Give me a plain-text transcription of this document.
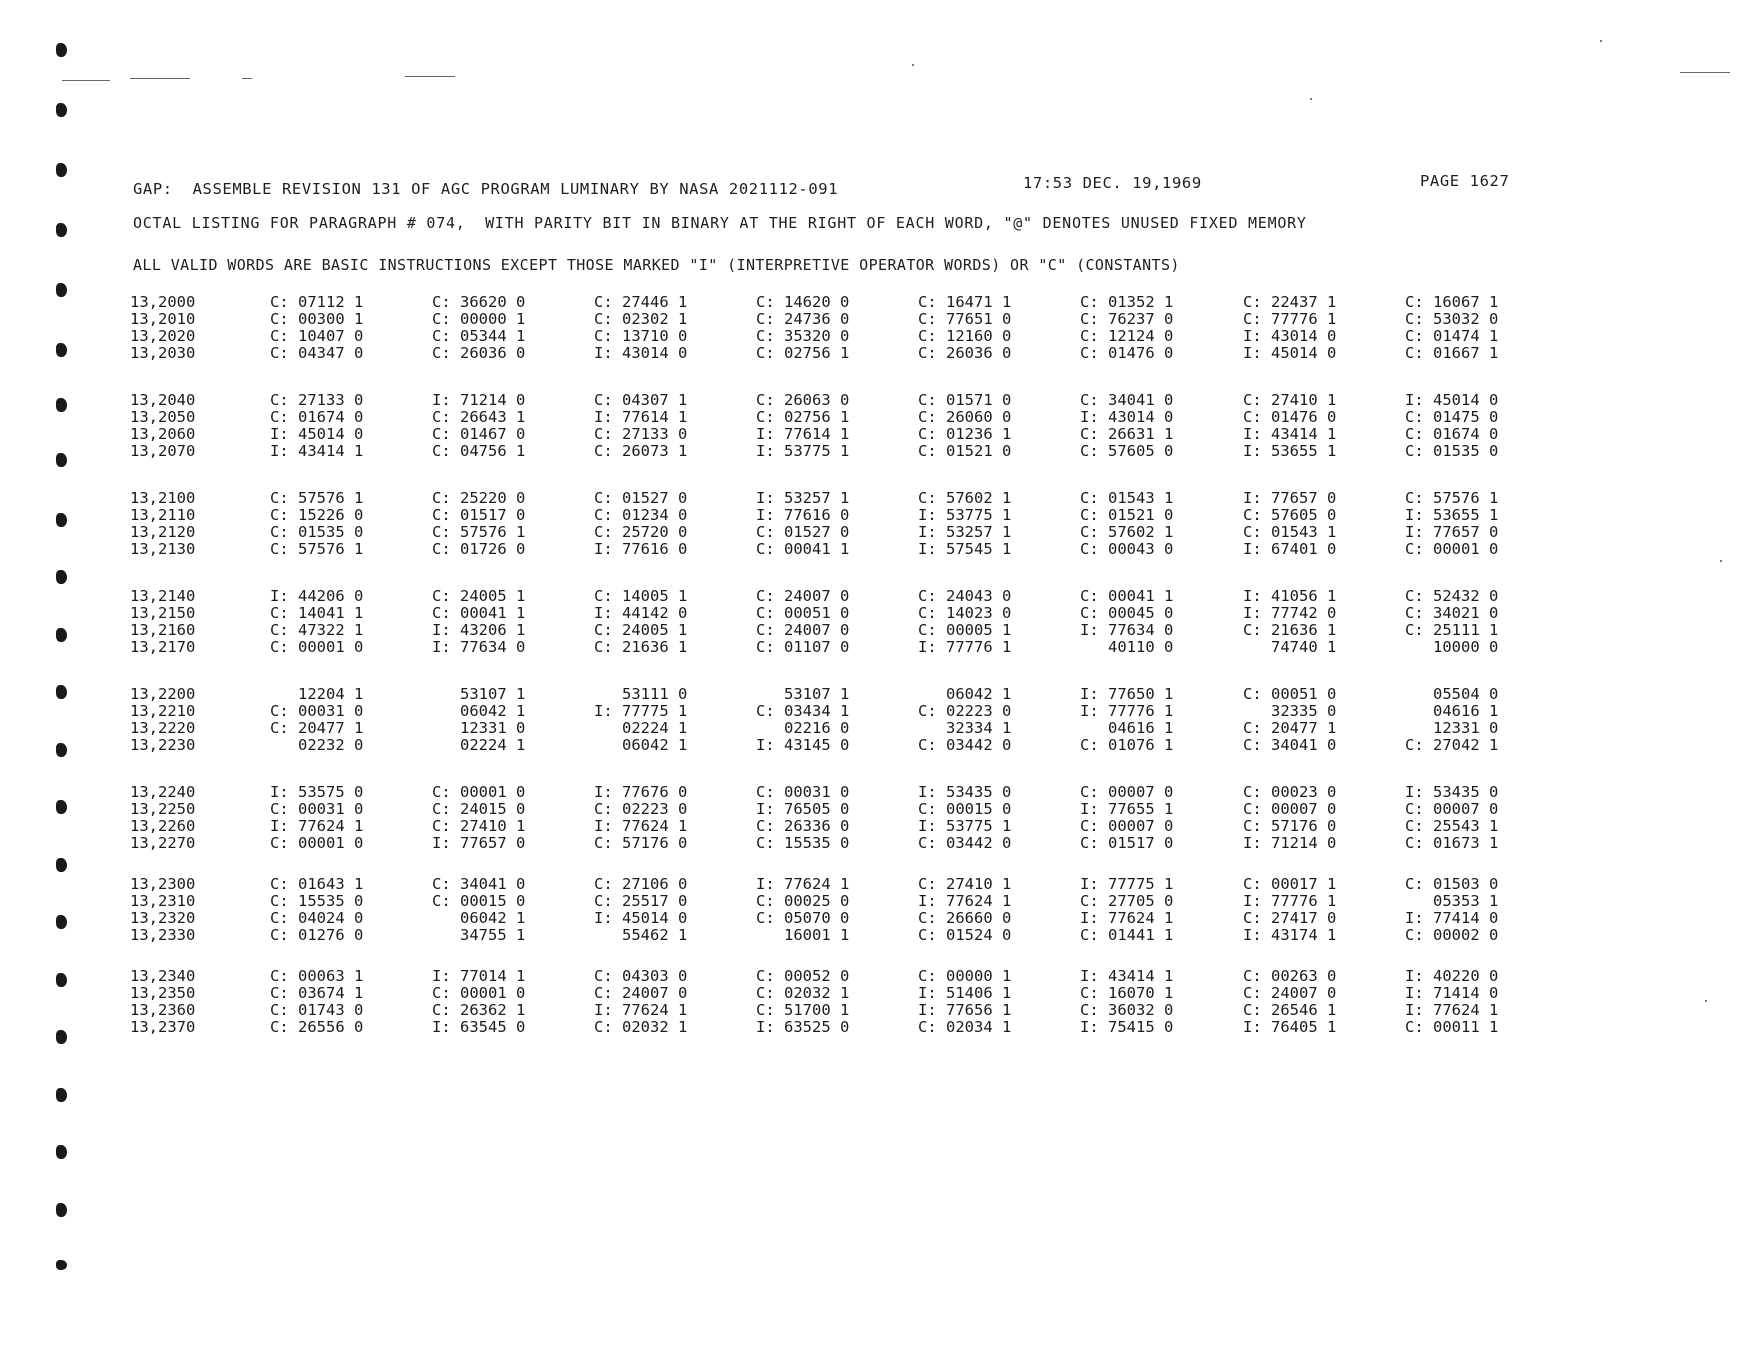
GAP:  ASSEMBLE REVISION 131 OF AGC PROGRAM LUMINARY BY NASA 2021112-091	17:53 DEC. 19,1969	PAGE 1627
OCTAL LISTING FOR PARAGRAPH # 074,  WITH PARITY BIT IN BINARY AT THE RIGHT OF EACH WORD, "@" DENOTES UNUSED FIXED MEMORY
ALL VALID WORDS ARE BASIC INSTRUCTIONS EXCEPT THOSE MARKED "I" (INTERPRETIVE OPERATOR WORDS) OR "C" (CONSTANTS)
13,2000	C: 07112 1	C: 36620 0	C: 27446 1	C: 14620 0	C: 16471 1	C: 01352 1	C: 22437 1	C: 16067 1
13,2010	C: 00300 1	C: 00000 1	C: 02302 1	C: 24736 0	C: 77651 0	C: 76237 0	C: 77776 1	C: 53032 0
13,2020	C: 10407 0	C: 05344 1	C: 13710 0	C: 35320 0	C: 12160 0	C: 12124 0	I: 43014 0	C: 01474 1
13,2030	C: 04347 0	C: 26036 0	I: 43014 0	C: 02756 1	C: 26036 0	C: 01476 0	I: 45014 0	C: 01667 1
13,2040	C: 27133 0	I: 71214 0	C: 04307 1	C: 26063 0	C: 01571 0	C: 34041 0	C: 27410 1	I: 45014 0
13,2050	C: 01674 0	C: 26643 1	I: 77614 1	C: 02756 1	C: 26060 0	I: 43014 0	C: 01476 0	C: 01475 0
13,2060	I: 45014 0	C: 01467 0	C: 27133 0	I: 77614 1	C: 01236 1	C: 26631 1	I: 43414 1	C: 01674 0
13,2070	I: 43414 1	C: 04756 1	C: 26073 1	I: 53775 1	C: 01521 0	C: 57605 0	I: 53655 1	C: 01535 0
13,2100	C: 57576 1	C: 25220 0	C: 01527 0	I: 53257 1	C: 57602 1	C: 01543 1	I: 77657 0	C: 57576 1
13,2110	C: 15226 0	C: 01517 0	C: 01234 0	I: 77616 0	I: 53775 1	C: 01521 0	C: 57605 0	I: 53655 1
13,2120	C: 01535 0	C: 57576 1	C: 25720 0	C: 01527 0	I: 53257 1	C: 57602 1	C: 01543 1	I: 77657 0
13,2130	C: 57576 1	C: 01726 0	I: 77616 0	C: 00041 1	I: 57545 1	C: 00043 0	I: 67401 0	C: 00001 0
13,2140	I: 44206 0	C: 24005 1	C: 14005 1	C: 24007 0	C: 24043 0	C: 00041 1	I: 41056 1	C: 52432 0
13,2150	C: 14041 1	C: 00041 1	I: 44142 0	C: 00051 0	C: 14023 0	C: 00045 0	I: 77742 0	C: 34021 0
13,2160	C: 47322 1	I: 43206 1	C: 24005 1	C: 24007 0	C: 00005 1	I: 77634 0	C: 21636 1	C: 25111 1
13,2170	C: 00001 0	I: 77634 0	C: 21636 1	C: 01107 0	I: 77776 1	40110 0	74740 1	10000 0
13,2200	12204 1	53107 1	53111 0	53107 1	06042 1	I: 77650 1	C: 00051 0	05504 0
13,2210	C: 00031 0	06042 1	I: 77775 1	C: 03434 1	C: 02223 0	I: 77776 1	32335 0	04616 1
13,2220	C: 20477 1	12331 0	02224 1	02216 0	32334 1	04616 1	C: 20477 1	12331 0
13,2230	02232 0	02224 1	06042 1	I: 43145 0	C: 03442 0	C: 01076 1	C: 34041 0	C: 27042 1
13,2240	I: 53575 0	C: 00001 0	I: 77676 0	C: 00031 0	I: 53435 0	C: 00007 0	C: 00023 0	I: 53435 0
13,2250	C: 00031 0	C: 24015 0	C: 02223 0	I: 76505 0	C: 00015 0	I: 77655 1	C: 00007 0	C: 00007 0
13,2260	I: 77624 1	C: 27410 1	I: 77624 1	C: 26336 0	I: 53775 1	C: 00007 0	C: 57176 0	C: 25543 1
13,2270	C: 00001 0	I: 77657 0	C: 57176 0	C: 15535 0	C: 03442 0	C: 01517 0	I: 71214 0	C: 01673 1
13,2300	C: 01643 1	C: 34041 0	C: 27106 0	I: 77624 1	C: 27410 1	I: 77775 1	C: 00017 1	C: 01503 0
13,2310	C: 15535 0	C: 00015 0	C: 25517 0	C: 00025 0	I: 77624 1	C: 27705 0	I: 77776 1	05353 1
13,2320	C: 04024 0	06042 1	I: 45014 0	C: 05070 0	C: 26660 0	I: 77624 1	C: 27417 0	I: 77414 0
13,2330	C: 01276 0	34755 1	55462 1	16001 1	C: 01524 0	C: 01441 1	I: 43174 1	C: 00002 0
13,2340	C: 00063 1	I: 77014 1	C: 04303 0	C: 00052 0	C: 00000 1	I: 43414 1	C: 00263 0	I: 40220 0
13,2350	C: 03674 1	C: 00001 0	C: 24007 0	C: 02032 1	I: 51406 1	C: 16070 1	C: 24007 0	I: 71414 0
13,2360	C: 01743 0	C: 26362 1	I: 77624 1	C: 51700 1	I: 77656 1	C: 36032 0	C: 26546 1	I: 77624 1
13,2370	C: 26556 0	I: 63545 0	C: 02032 1	I: 63525 0	C: 02034 1	I: 75415 0	I: 76405 1	C: 00011 1
